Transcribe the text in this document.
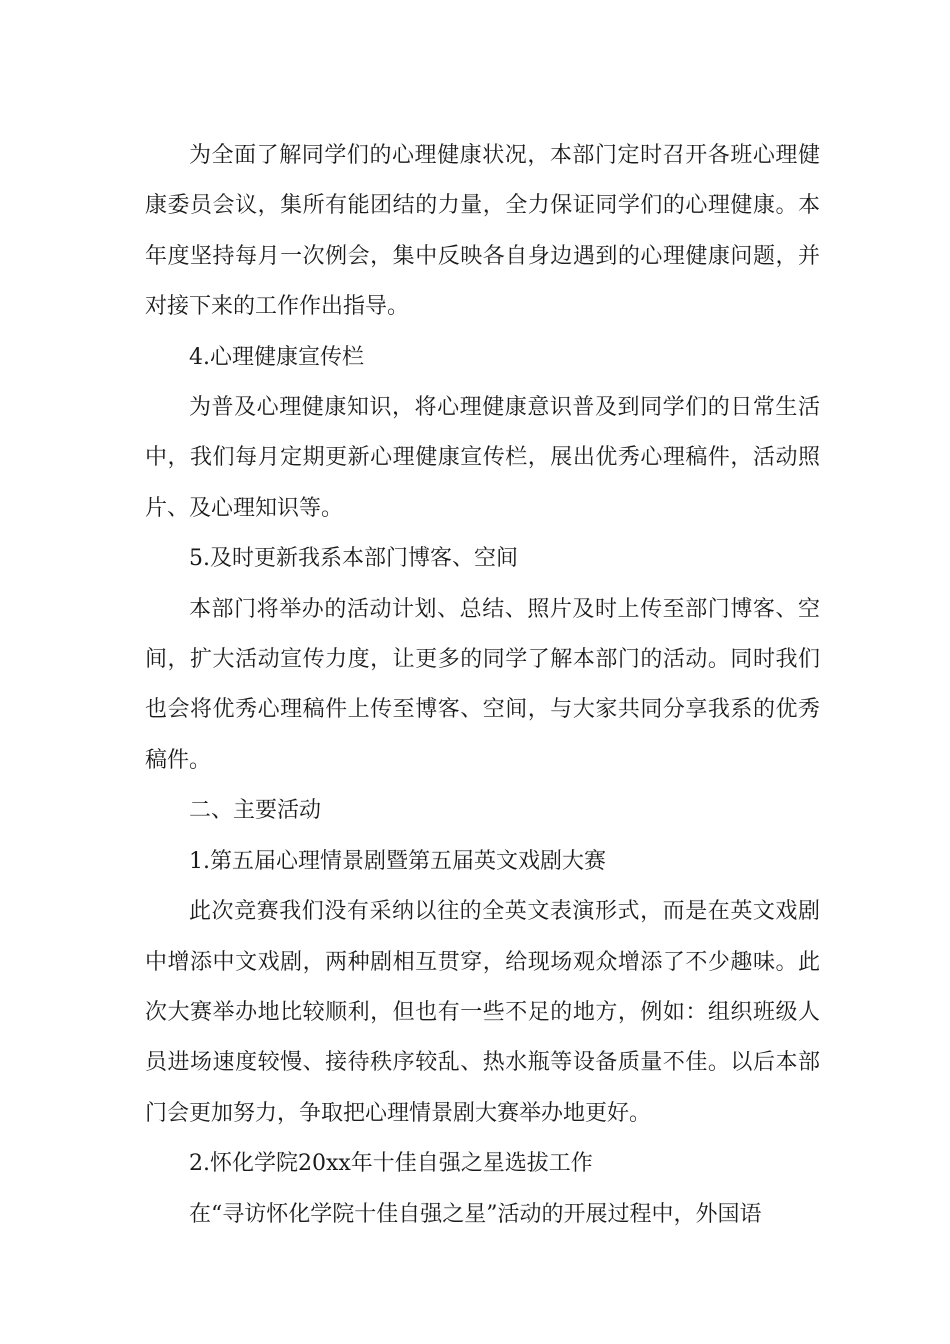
为全面了解同学们的心理健康状况，本部门定时召开各班心理健康委员会议，集所有能团结的力量，全力保证同学们的心理健康。本年度坚持每月一次例会，集中反映各自身边遇到的心理健康问题，并对接下来的工作作出指导。

4.心理健康宣传栏

为普及心理健康知识，将心理健康意识普及到同学们的日常生活中，我们每月定期更新心理健康宣传栏，展出优秀心理稿件，活动照片、及心理知识等。

5.及时更新我系本部门博客、空间

本部门将举办的活动计划、总结、照片及时上传至部门博客、空间，扩大活动宣传力度，让更多的同学了解本部门的活动。同时我们也会将优秀心理稿件上传至博客、空间，与大家共同分享我系的优秀稿件。

二、主要活动

1.第五届心理情景剧暨第五届英文戏剧大赛

此次竞赛我们没有采纳以往的全英文表演形式，而是在英文戏剧中增添中文戏剧，两种剧相互贯穿，给现场观众增添了不少趣味。此次大赛举办地比较顺利，但也有一些不足的地方，例如：组织班级人员进场速度较慢、接待秩序较乱、热水瓶等设备质量不佳。以后本部门会更加努力，争取把心理情景剧大赛举办地更好。

2.怀化学院20xx年十佳自强之星选拔工作

在“寻访怀化学院十佳自强之星”活动的开展过程中，外国语
